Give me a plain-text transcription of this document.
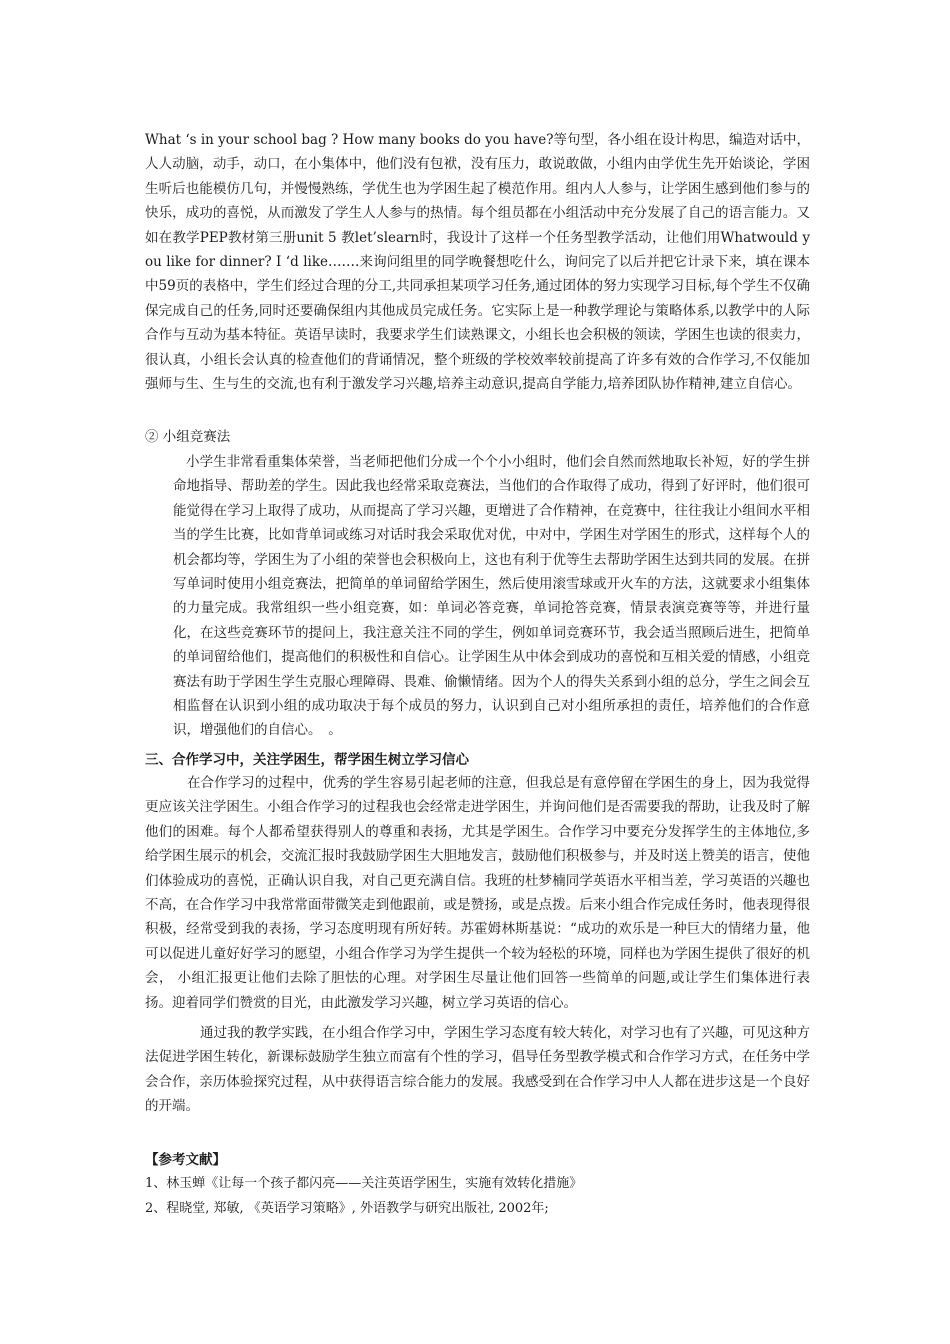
What ‘s in your school bag ? How many books do you have?等句型，各小组在设计构思，编造对话中，人人动脑，动手，动口，在小集体中，他们没有包袱，没有压力，敢说敢做，小组内由学优生先开始谈论，学困生听后也能模仿几句，并慢慢熟练，学优生也为学困生起了模范作用。组内人人参与，让学困生感到他们参与的快乐，成功的喜悦，从而激发了学生人人参与的热情。每个组员都在小组活动中充分发展了自己的语言能力。又如在教学PEP教材第三册unit 5 教let’slearn时，我设计了这样一个任务型教学活动，让他们用Whatwould you like for dinner? I ‘d like…….来询问组里的同学晚餐想吃什么，询问完了以后并把它计录下来，填在课本中59页的表格中，学生们经过合理的分工,共同承担某项学习任务,通过团体的努力实现学习目标,每个学生不仅确保完成自己的任务,同时还要确保组内其他成员完成任务。它实际上是一种教学理论与策略体系,以教学中的人际合作与互动为基本特征。英语早读时，我要求学生们读熟课文，小组长也会积极的领读，学困生也读的很卖力，很认真，小组长会认真的检查他们的背诵情况，整个班级的学校效率较前提高了许多有效的合作学习,不仅能加强师与生、生与生的交流,也有利于激发学习兴趣,培养主动意识,提高自学能力,培养团队协作精神,建立自信心。
② 小组竞赛法
小学生非常看重集体荣誉，当老师把他们分成一个个小小组时，他们会自然而然地取长补短，好的学生拼命地指导、帮助差的学生。因此我也经常采取竞赛法，当他们的合作取得了成功，得到了好评时，他们很可能觉得在学习上取得了成功，从而提高了学习兴趣，更增进了合作精神，在竞赛中，往往我让小组间水平相当的学生比赛，比如背单词或练习对话时我会采取优对优，中对中，学困生对学困生的形式，这样每个人的机会都均等，学困生为了小组的荣誉也会积极向上，这也有利于优等生去帮助学困生达到共同的发展。在拼写单词时使用小组竞赛法，把简单的单词留给学困生，然后使用滚雪球或开火车的方法，这就要求小组集体的力量完成。我常组织一些小组竞赛，如：单词必答竞赛，单词抢答竞赛，情景表演竞赛等等，并进行量化，在这些竞赛环节的提问上，我注意关注不同的学生，例如单词竞赛环节，我会适当照顾后进生，把简单的单词留给他们，提高他们的积极性和自信心。让学困生从中体会到成功的喜悦和互相关爱的情感，小组竞赛法有助于学困生学生克服心理障碍、畏难、偷懒情绪。因为个人的得失关系到小组的总分，学生之间会互相监督在认识到小组的成功取决于每个成员的努力，认识到自己对小组所承担的责任，培养他们的合作意识，增强他们的自信心。　。
三、合作学习中，关注学困生，帮学困生树立学习信心
在合作学习的过程中，优秀的学生容易引起老师的注意，但我总是有意停留在学困生的身上，因为我觉得更应该关注学困生。小组合作学习的过程我也会经常走进学困生，并询问他们是否需要我的帮助，让我及时了解他们的困难。每个人都希望获得别人的尊重和表扬，尤其是学困生。合作学习中要充分发挥学生的主体地位,多给学困生展示的机会，交流汇报时我鼓励学困生大胆地发言，鼓励他们积极参与，并及时送上赞美的语言，使他们体验成功的喜悦，正确认识自我，对自己更充满自信。我班的杜梦楠同学英语水平相当差，学习英语的兴趣也不高，在合作学习中我常常面带微笑走到他跟前，或是赞扬，或是点拨。后来小组合作完成任务时，他表现得很积极，经常受到我的表扬，学习态度明现有所好转。苏霍姆林斯基说：“成功的欢乐是一种巨大的情绪力量，他可以促进儿童好好学习的愿望，小组合作学习为学生提供一个较为轻松的环境，同样也为学困生提供了很好的机会， 小组汇报更让他们去除了胆怯的心理。对学困生尽量让他们回答一些简单的问题,或让学生们集体进行表扬。迎着同学们赞赏的目光，由此激发学习兴趣，树立学习英语的信心。
通过我的教学实践，在小组合作学习中，学困生学习态度有较大转化，对学习也有了兴趣，可见这种方法促进学困生转化，新课标鼓励学生独立而富有个性的学习，倡导任务型教学模式和合作学习方式，在任务中学会合作，亲历体验探究过程，从中获得语言综合能力的发展。我感受到在合作学习中人人都在进步这是一个良好的开端。
【参考文献】
1、林玉蝉《让每一个孩子都闪亮——关注英语学困生，实施有效转化措施》
2、程晓堂, 郑敏, 《英语学习策略》, 外语教学与研究出版社, 2002年;
